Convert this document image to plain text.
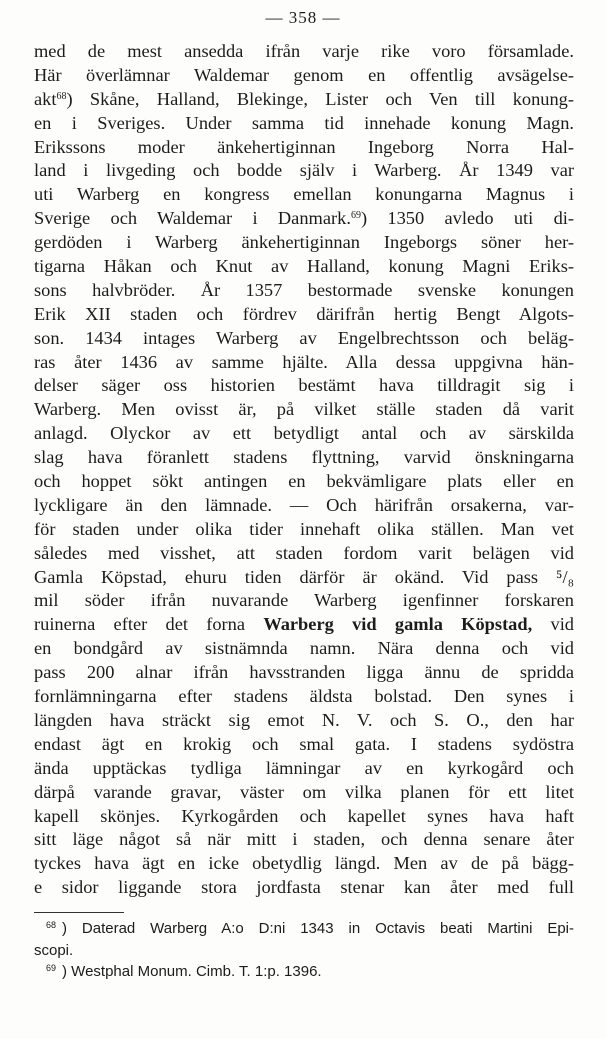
— 358 —
med de mest ansedda ifrån varje rike voro församlade.
Här överlämnar Waldemar genom en offentlig avsägelse-
akt$^{68}$) Skåne, Halland, Blekinge, Lister och Ven till konung-
en i Sveriges. Under samma tid innehade konung Magn.
Erikssons moder änkehertiginnan Ingeborg Norra Hal-
land i livgeding och bodde själv i Warberg. År 1349 var
uti Warberg en kongress emellan konungarna Magnus i
Sverige och Waldemar i Danmark.$^{69}$) 1350 avledo uti di-
gerdöden i Warberg änkehertiginnan Ingeborgs söner her-
tigarna Håkan och Knut av Halland, konung Magni Eriks-
sons halvbröder. År 1357 bestormade svenske konungen
Erik XII staden och fördrev därifrån hertig Bengt Algots-
son. 1434 intages Warberg av Engelbrechtsson och beläg-
ras åter 1436 av samme hjälte. Alla dessa uppgivna hän-
delser säger oss historien bestämt hava tilldragit sig i
Warberg. Men ovisst är, på vilket ställe staden då varit
anlagd. Olyckor av ett betydligt antal och av särskilda
slag hava föranlett stadens flyttning, varvid önskningarna
och hoppet sökt antingen en bekvämligare plats eller en
lyckligare än den lämnade. — Och härifrån orsakerna, var-
för staden under olika tider innehaft olika ställen. Man vet
således med visshet, att staden fordom varit belägen vid
Gamla Köpstad, ehuru tiden därför är okänd. Vid pass ⁵/₈
mil söder ifrån nuvarande Warberg igenfinner forskaren
ruinerna efter det forna Warberg vid gamla Köpstad, vid
en bondgård av sistnämnda namn. Nära denna och vid
pass 200 alnar ifrån havsstranden ligga ännu de spridda
fornlämningarna efter stadens äldsta bolstad. Den synes i
längden hava sträckt sig emot N. V. och S. O., den har
endast ägt en krokig och smal gata. I stadens sydöstra
ända upptäckas tydliga lämningar av en kyrkogård och
därpå varande gravar, väster om vilka planen för ett litet
kapell skönjes. Kyrkogården och kapellet synes hava haft
sitt läge något så när mitt i staden, och denna senare åter
tyckes hava ägt en icke obetydlig längd. Men av de på bägg-
e sidor liggande stora jordfasta stenar kan åter med full
$^{68}$ ) Daterad Warberg A:o D:ni 1343 in Octavis beati Martini Epi-
scopi.
$^{69}$ ) Westphal Monum. Cimb. T. 1:p. 1396.
